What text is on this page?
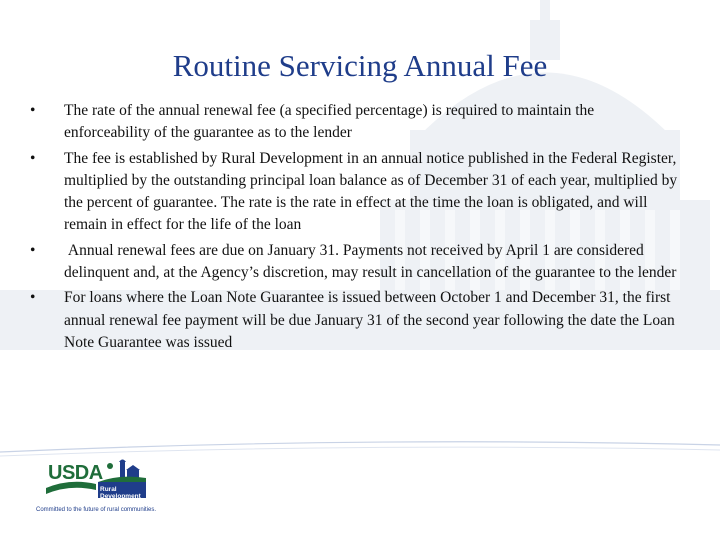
Routine Servicing Annual Fee
•	The rate of the annual renewal fee (a specified percentage) is required to maintain the enforceability of the guarantee as to the lender
•	The fee is established by Rural Development in an annual notice published in the Federal Register, multiplied by the outstanding principal loan balance as of December 31 of each year, multiplied by the percent of guarantee. The rate is the rate in effect at the time the loan is obligated, and will remain in effect for the life of the loan
•	Annual renewal fees are due on January 31. Payments not received by April 1 are considered delinquent and, at the Agency’s discretion, may result in cancellation of the guarantee to the lender
•	For loans where the Loan Note Guarantee is issued between October 1 and December 31, the first annual renewal fee payment will be due January 31 of the second year following the date the Loan Note Guarantee was issued
USDA
Rural
Development
Committed to the future of rural communities.
